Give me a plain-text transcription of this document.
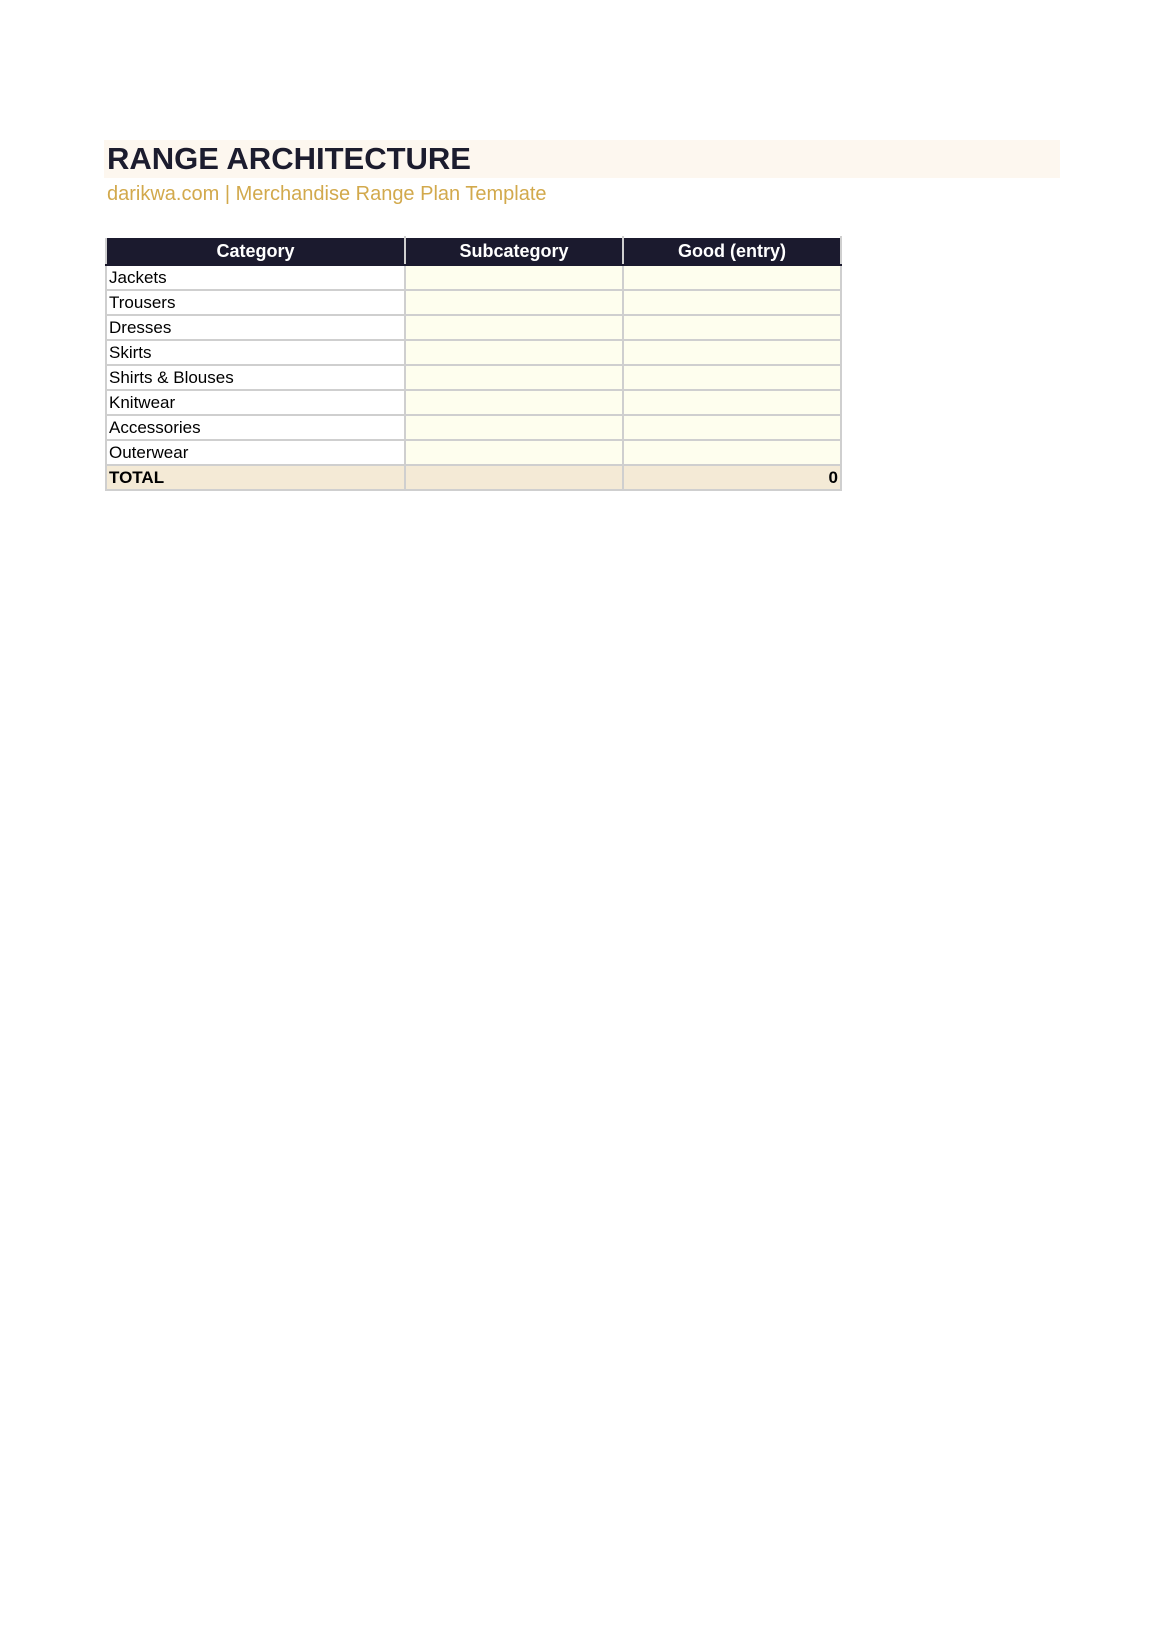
RANGE ARCHITECTURE

darikwa.com | Merchandise Range Plan Template

Category	Subcategory	Good (entry)
Jackets		
Trousers		
Dresses		
Skirts		
Shirts & Blouses		
Knitwear		
Accessories		
Outerwear		
TOTAL		0
